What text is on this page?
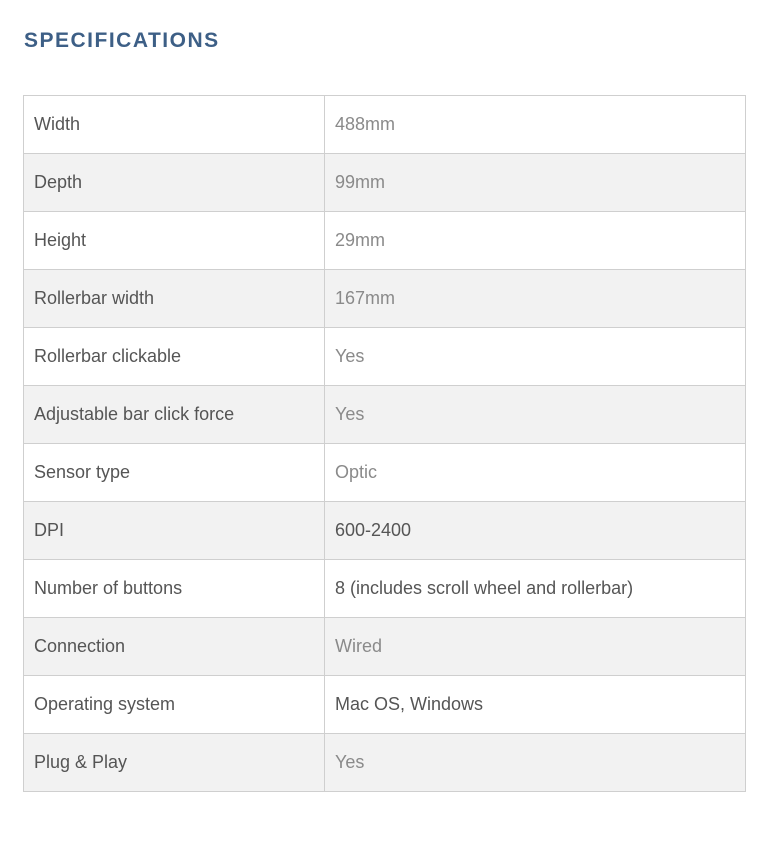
SPECIFICATIONS
Width	488mm
Depth	99mm
Height	29mm
Rollerbar width	167mm
Rollerbar clickable	Yes
Adjustable bar click force	Yes
Sensor type	Optic
DPI	600-2400
Number of buttons	8 (includes scroll wheel and rollerbar)
Connection	Wired
Operating system	Mac OS, Windows
Plug & Play	Yes
